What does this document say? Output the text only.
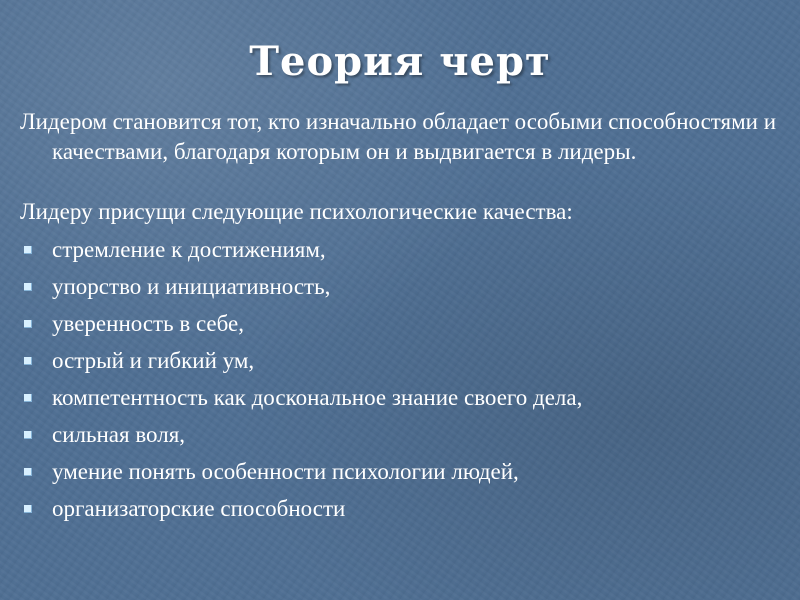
Теория черт

Лидером становится тот, кто изначально обладает особыми способностями и качествами, благодаря которым он и выдвигается в лидеры.

Лидеру присущи следующие психологические качества:

стремление к достижениям,
упорство и инициативность,
уверенность в себе,
острый и гибкий ум,
компетентность как доскональное знание своего дела,
сильная воля,
умение понять особенности психологии людей,
организаторские способности
